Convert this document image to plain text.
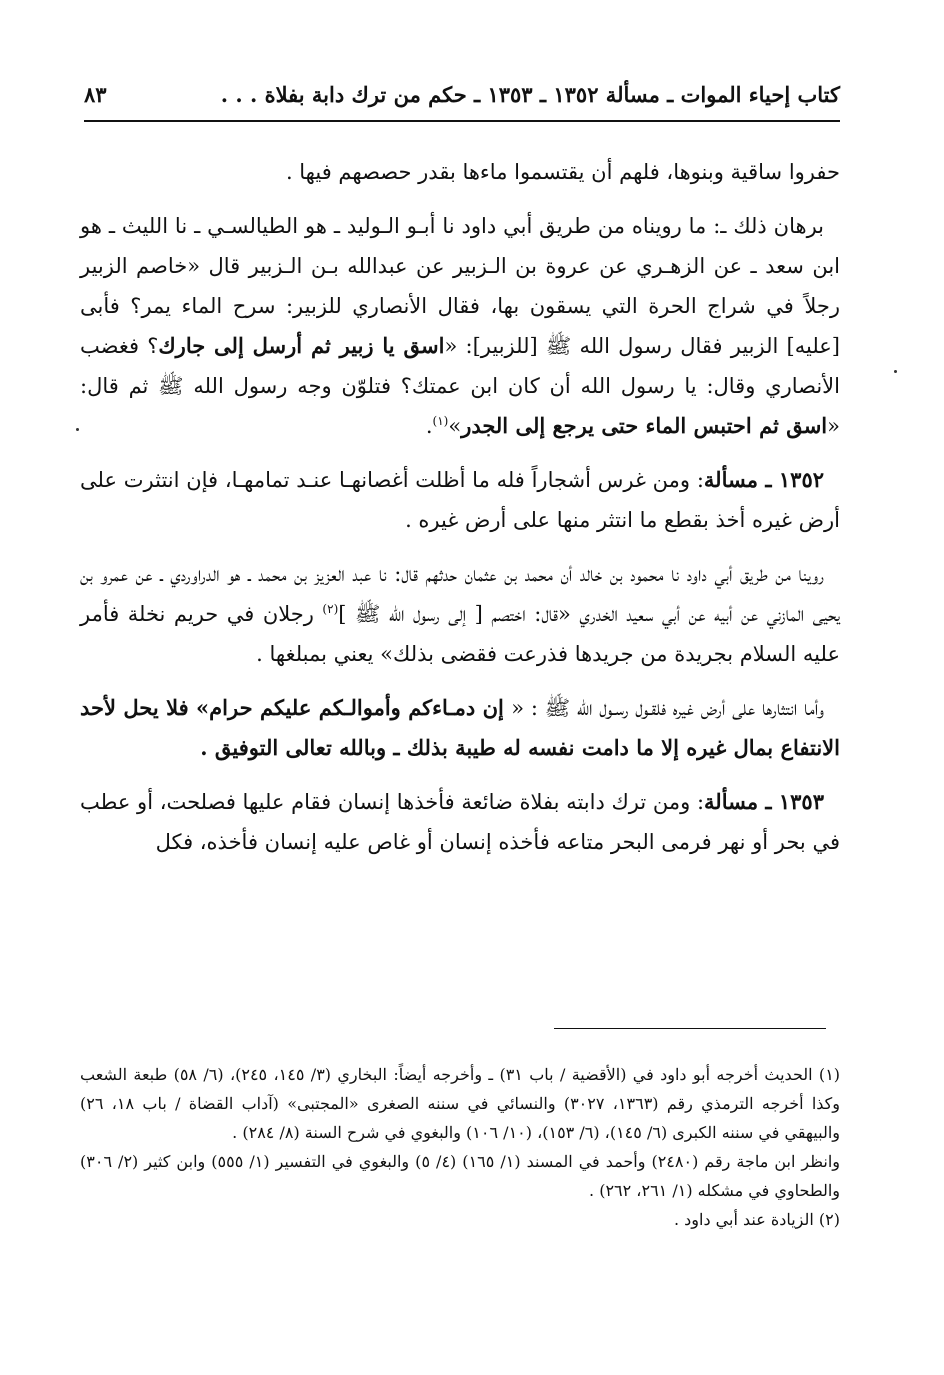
كتاب إحياء الموات ـ مسألة ١٣٥٢ ـ ١٣٥٣ ـ حكم من ترك دابة بفلاة . . .
٨٣

حفروا ساقية وبنوها، فلهم أن يقتسموا ماءها بقدر حصصهم فيها .

برهان ذلك ـ: ما رويناه من طريق أبي داود نا أبـو الـوليد ـ هو الطيالسـي ـ نا الليث ـ هو ابن سعد ـ عن الزهـري عن عروة بن الـزبير عن عبدالله بـن الـزبير قال «خاصم الزبير رجلاً في شراج الحرة التي يسقون بها، فقال الأنصاري للزبير: سرح الماء يمر؟ فأبى [عليه] الزبير فقال رسول الله ﷺ [للزبير]: «اسق يا زبير ثم أرسل إلى جارك؟ فغضب الأنصاري وقال: يا رسول الله أن كان ابن عمتك؟ فتلوّن وجه رسول الله ﷺ ثم قال: «اسق ثم احتبس الماء حتى يرجع إلى الجدر»$^{(١)}$.

١٣٥٢ ـ مسألة: ومن غرس أشجاراً فله ما أظلت أغصانهـا عنـد تمامهـا، فإن انتثرت على أرض غيره أخذ بقطع ما انتثر منها على أرض غيره .

روينا من طريق أبي داود نا محمود بن خالد أن محمد بن عثمان حدثهم قال: نا عبد العزيز بن محمد ـ هو الدراوردي ـ عن عمرو بن يحيى المازني عن أبيه عن أبي سعيد الخدري «قال: اختصم [ إلى رسول الله ﷺ ]$^{(٢)}$ رجلان في حريم نخلة فأمر عليه السلام بجريدة من جريدها فذرعت فقضى بذلك» يعني بمبلغها .

وأما انتثارها على أرض غيره فلقـول رسـول الله ﷺ : « إن دمـاءكم وأموالـكم عليكم حرام» فلا يحل لأحد الانتفاع بمال غيره إلا ما دامت نفسه له طيبة بذلك ـ وبالله تعالى التوفيق .

١٣٥٣ ـ مسألة: ومن ترك دابته بفلاة ضائعة فأخذها إنسان فقام عليها فصلحت، أو عطب في بحر أو نهر فرمى البحر متاعه فأخذه إنسان أو غاص عليه إنسان فأخذه، فكل

(١) الحديث أخرجه أبو داود في (الأقضية / باب ٣١) ـ وأخرجه أيضاً: البخاري (٣/ ١٤٥، ٢٤٥)، (٦/ ٥٨) طبعة الشعب وكذا أخرجه الترمذي رقم (١٣٦٣، ٣٠٢٧) والنسائي في سننه الصغرى «المجتبى» (آداب القضاة / باب ١٨، ٢٦) والبيهقي في سننه الكبرى (٦/ ١٤٥)، (٦/ ١٥٣)، (١٠/ ١٠٦) والبغوي في شرح السنة (٨/ ٢٨٤) .

وانظر ابن ماجة رقم (٢٤٨٠) وأحمد في المسند (١/ ١٦٥) (٤/ ٥) والبغوي في التفسير (١/ ٥٥٥) وابن كثير (٢/ ٣٠٦) والطحاوي في مشكله (١/ ٢٦١، ٢٦٢) .

(٢) الزيادة عند أبي داود .
